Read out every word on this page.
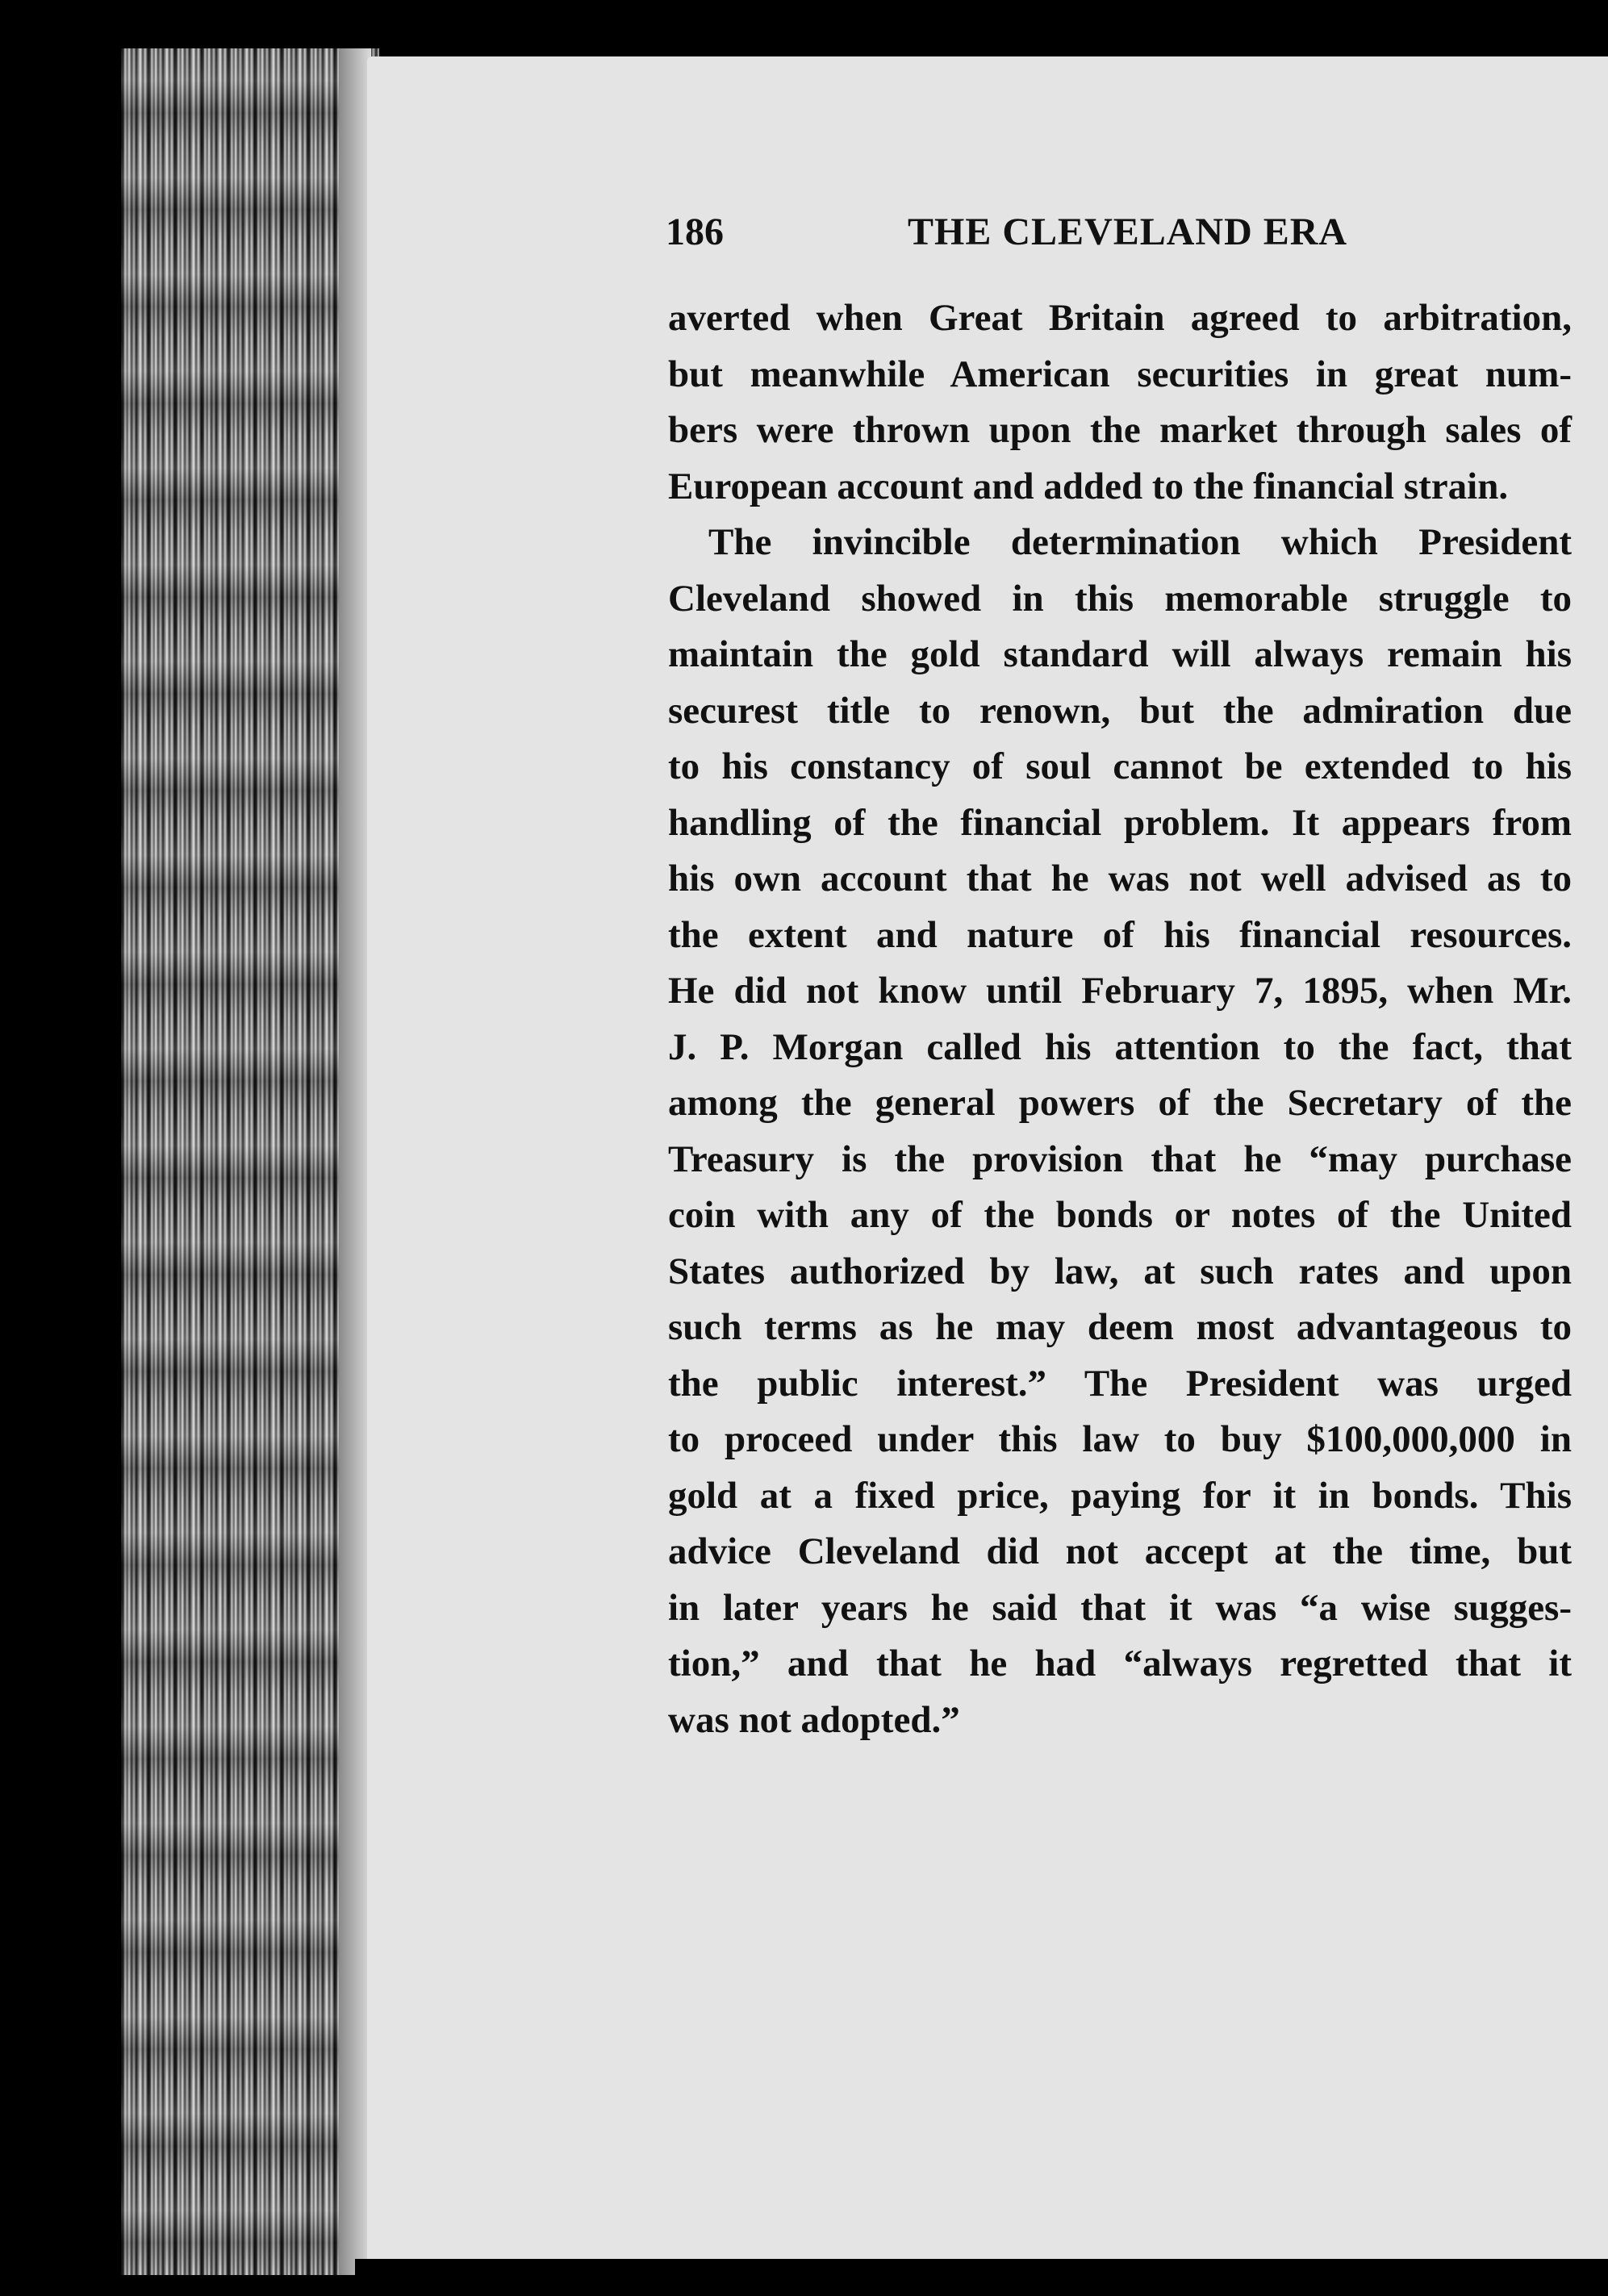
186	THE CLEVELAND ERA
averted when Great Britain agreed to arbitration,
but meanwhile American securities in great num-
bers were thrown upon the market through sales of
European account and added to the financial strain.
The invincible determination which President
Cleveland showed in this memorable struggle to
maintain the gold standard will always remain his
securest title to renown, but the admiration due
to his constancy of soul cannot be extended to his
handling of the financial problem. It appears from
his own account that he was not well advised as to
the extent and nature of his financial resources.
He did not know until February 7, 1895, when Mr.
J. P. Morgan called his attention to the fact, that
among the general powers of the Secretary of the
Treasury is the provision that he “may purchase
coin with any of the bonds or notes of the United
States authorized by law, at such rates and upon
such terms as he may deem most advantageous to
the public interest.” The President was urged
to proceed under this law to buy $100,000,000 in
gold at a fixed price, paying for it in bonds. This
advice Cleveland did not accept at the time, but
in later years he said that it was “a wise sugges-
tion,” and that he had “always regretted that it
was not adopted.”
